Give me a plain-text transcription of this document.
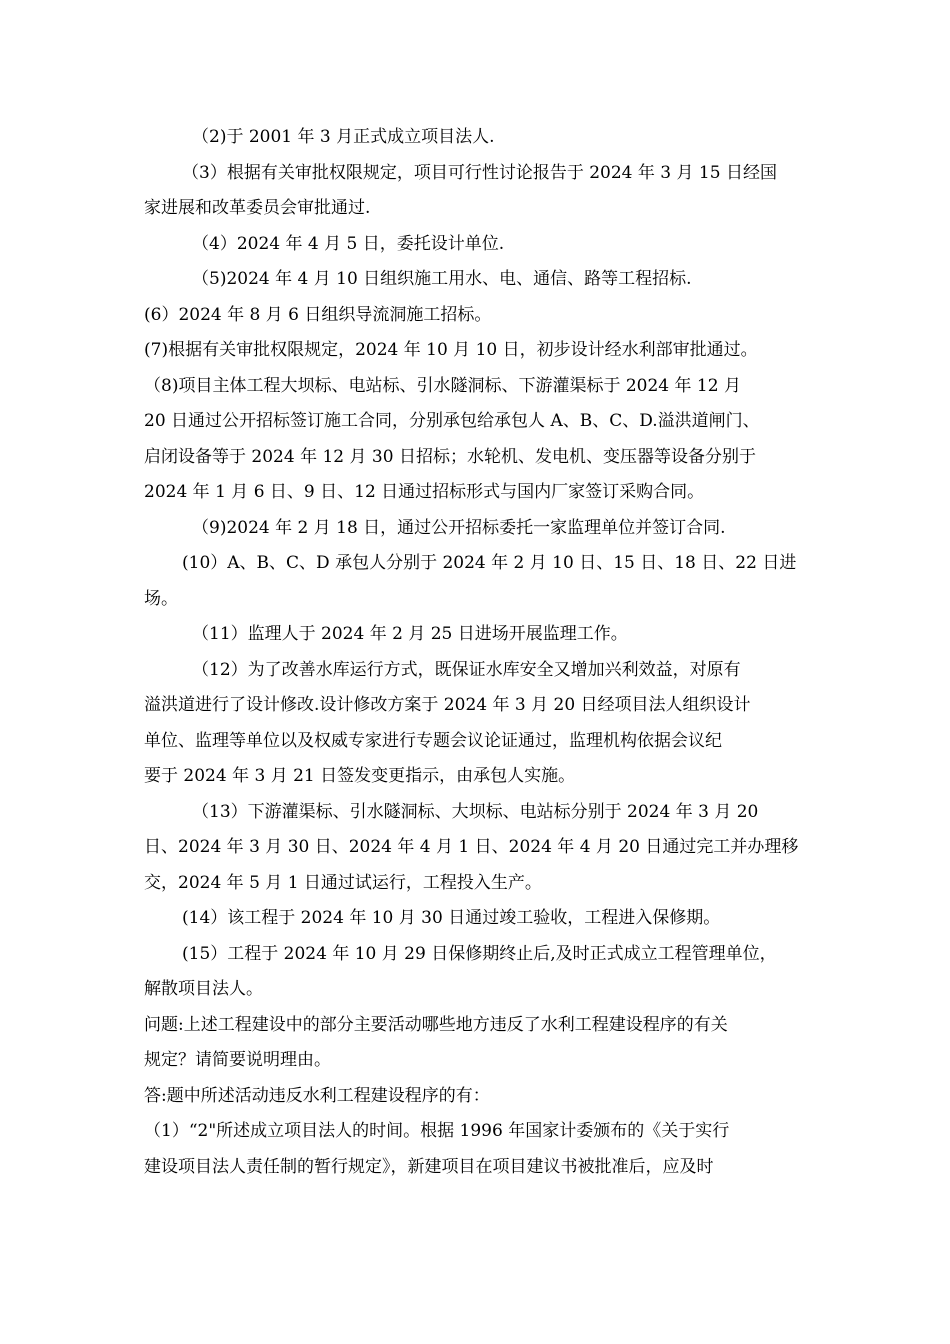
（2)于 2001 年 3 月正式成立项目法人.
（3）根据有关审批权限规定，项目可行性讨论报告于 2024 年 3 月 15 日经国
家进展和改革委员会审批通过.
（4）2024 年 4 月 5 日，委托设计单位.
（5)2024 年 4 月 10 日组织施工用水、电、通信、路等工程招标.
(6）2024 年 8 月 6 日组织导流洞施工招标。
(7)根据有关审批权限规定，2024 年 10 月 10 日，初步设计经水利部审批通过。
（8)项目主体工程大坝标、电站标、引水隧洞标、下游灌渠标于 2024 年 12 月
20 日通过公开招标签订施工合同，分别承包给承包人 A、B、C、D.溢洪道闸门、
启闭设备等于 2024 年 12 月 30 日招标；水轮机、发电机、变压器等设备分别于
2024 年 1 月 6 日、9 日、12 日通过招标形式与国内厂家签订采购合同。
（9)2024 年 2 月 18 日，通过公开招标委托一家监理单位并签订合同.
(10）A、B、C、D 承包人分别于 2024 年 2 月 10 日、15 日、18 日、22 日进
场。
（11）监理人于 2024 年 2 月 25 日进场开展监理工作。
（12）为了改善水库运行方式，既保证水库安全又增加兴利效益，对原有
溢洪道进行了设计修改.设计修改方案于 2024 年 3 月 20 日经项目法人组织设计
单位、监理等单位以及权威专家进行专题会议论证通过，监理机构依据会议纪
要于 2024 年 3 月 21 日签发变更指示，由承包人实施。
（13）下游灌渠标、引水隧洞标、大坝标、电站标分别于 2024 年 3 月 20
日、2024 年 3 月 30 日、2024 年 4 月 1 日、2024 年 4 月 20 日通过完工并办理移
交，2024 年 5 月 1 日通过试运行，工程投入生产。
(14）该工程于 2024 年 10 月 30 日通过竣工验收，工程进入保修期。
(15）工程于 2024 年 10 月 29 日保修期终止后,及时正式成立工程管理单位，
解散项目法人。
问题:上述工程建设中的部分主要活动哪些地方违反了水利工程建设程序的有关
规定？请简要说明理由。
答:题中所述活动违反水利工程建设程序的有：
（1）“2"所述成立项目法人的时间。根据 1996 年国家计委颁布的《关于实行
建设项目法人责任制的暂行规定》，新建项目在项目建议书被批准后，应及时
